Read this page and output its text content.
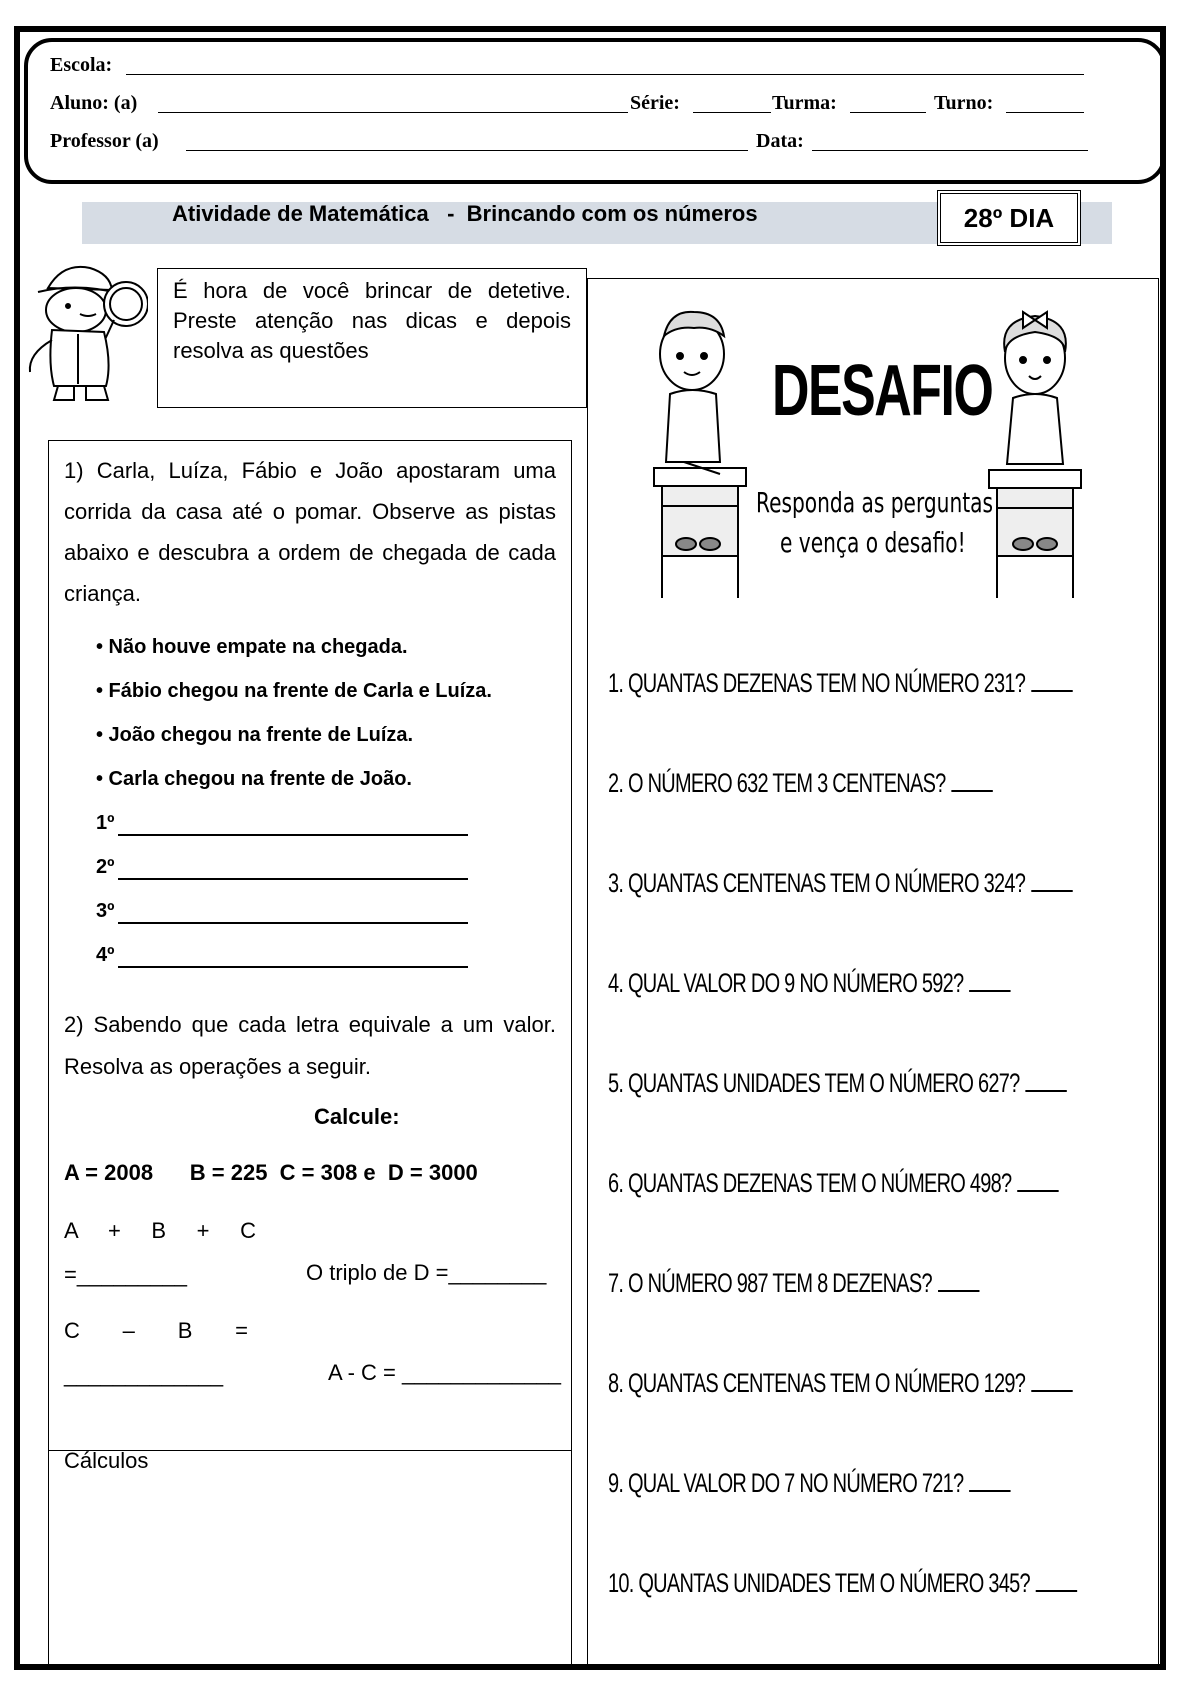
Escola:
Aluno: (a)	Série:	Turma:	Turno:
Professor (a)	Data:
Atividade de Matemática   -  Brincando com os números	28º DIA
É hora de você brincar de detetive. Preste atenção nas dicas e depois resolva as questões
1) Carla, Luíza, Fábio e João apostaram uma corrida da casa até o pomar. Observe as pistas abaixo e descubra a ordem de chegada de cada criança.
• Não houve empate na chegada.
• Fábio chegou na frente de Carla e Luíza.
• João chegou na frente de Luíza.
• Carla chegou na frente de João.
1º
2º
3º
4º
2) Sabendo que cada letra equivale a um valor. Resolva as operações a seguir.
Calcule:
A = 2008      B = 225  C = 308 e  D = 3000
A     +     B     +     C
=_________	O triplo de D =________
C       –       B       =
_____________	A - C = _____________
Cálculos
DESAFIO
Responda as perguntas
e vença o desafio!
1. QUANTAS DEZENAS TEM NO NÚMERO 231?
2. O NÚMERO 632 TEM 3 CENTENAS?
3. QUANTAS CENTENAS TEM O NÚMERO 324?
4. QUAL VALOR DO 9 NO NÚMERO 592?
5. QUANTAS UNIDADES TEM O NÚMERO 627?
6. QUANTAS DEZENAS TEM O NÚMERO 498?
7. O NÚMERO 987 TEM 8 DEZENAS?
8. QUANTAS CENTENAS TEM O NÚMERO 129?
9. QUAL VALOR DO 7 NO NÚMERO 721?
10. QUANTAS UNIDADES TEM O NÚMERO 345?
